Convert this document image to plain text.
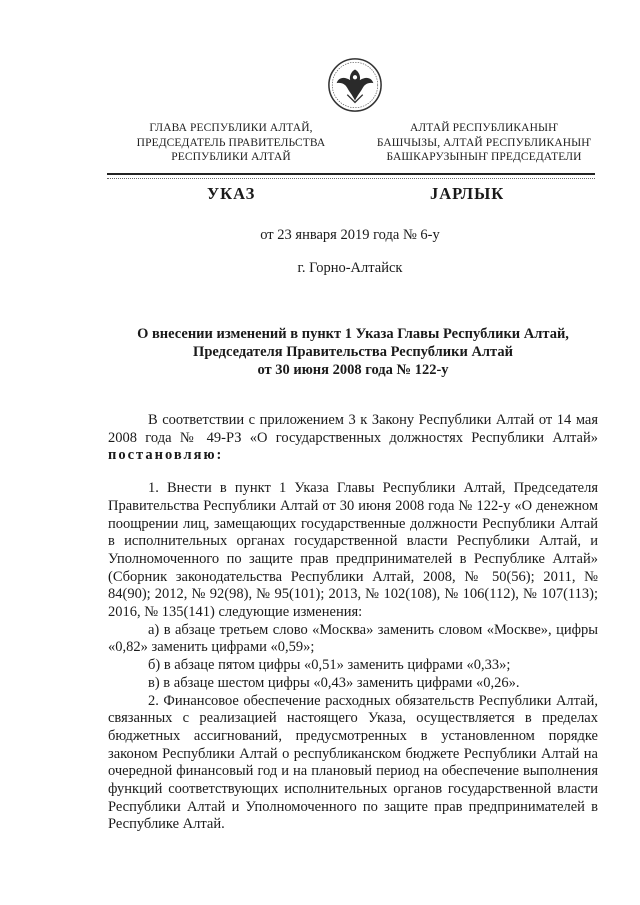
ГЛАВА РЕСПУБЛИКИ АЛТАЙ,
ПРЕДСЕДАТЕЛЬ ПРАВИТЕЛЬСТВА
РЕСПУБЛИКИ АЛТАЙ
АЛТАЙ РЕСПУБЛИКАНЫҤ
БАШЧЫЗЫ, АЛТАЙ РЕСПУБЛИКАНЫҤ
БАШКАРУЗЫНЫҤ ПРЕДСЕДАТЕЛИ
УКАЗ	ЈАРЛЫК
от 23 января 2019 года № 6-у
г. Горно-Алтайск
О внесении изменений в пункт 1 Указа Главы Республики Алтай,
Председателя Правительства Республики Алтай
от 30 июня 2008 года № 122-у

В соответствии с приложением 3 к Закону Республики Алтай от 14 мая 2008 года № 49-РЗ «О государственных должностях Республики Алтай» постановляю:

1. Внести в пункт 1 Указа Главы Республики Алтай, Председателя Правительства Республики Алтай от 30 июня 2008 года № 122-у «О денежном поощрении лиц, замещающих государственные должности Республики Алтай в исполнительных органах государственной власти Республики Алтай, и Уполномоченного по защите прав предпринимателей в Республике Алтай» (Сборник законодательства Республики Алтай, 2008, № 50(56); 2011, № 84(90); 2012, № 92(98), № 95(101); 2013, № 102(108), № 106(112), № 107(113); 2016, № 135(141) следующие изменения:

а) в абзаце третьем слово «Москва» заменить словом «Москве», цифры «0,82» заменить цифрами «0,59»;

б) в абзаце пятом цифры «0,51» заменить цифрами «0,33»;

в) в абзаце шестом цифры «0,43» заменить цифрами «0,26».

2. Финансовое обеспечение расходных обязательств Республики Алтай, связанных с реализацией настоящего Указа, осуществляется в пределах бюджетных ассигнований, предусмотренных в установленном порядке законом Республики Алтай о республиканском бюджете Республики Алтай на очередной финансовый год и на плановый период на обеспечение выполнения функций соответствующих исполнительных органов государственной власти Республики Алтай и Уполномоченного по защите прав предпринимателей в Республике Алтай.
